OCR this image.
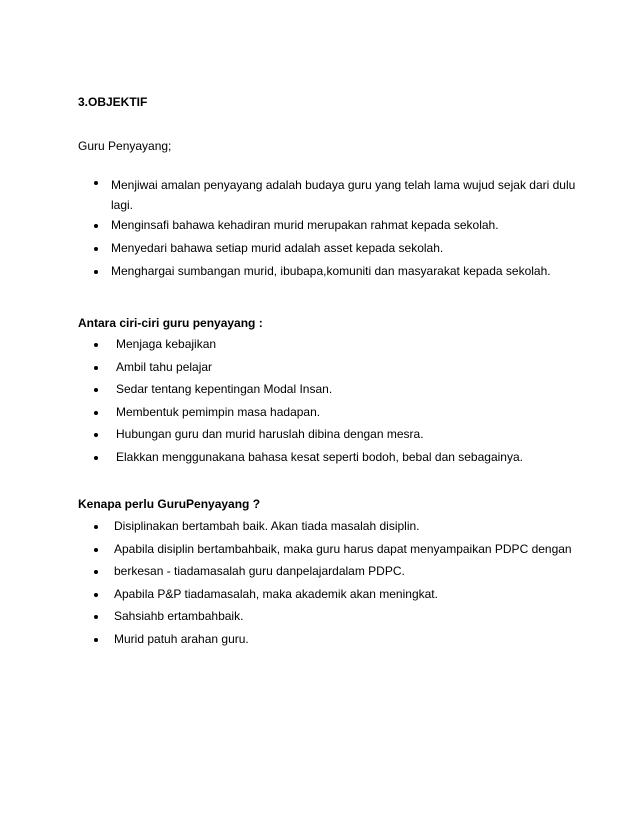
3.OBJEKTIF
Guru Penyayang;
Menjiwai amalan penyayang adalah budaya guru yang telah lama wujud sejak dari dulu lagi.
Menginsafi bahawa kehadiran murid merupakan rahmat kepada sekolah.
Menyedari bahawa setiap murid adalah asset kepada sekolah.
Menghargai sumbangan murid, ibubapa,komuniti dan masyarakat kepada sekolah.
Antara ciri-ciri guru penyayang :
Menjaga kebajikan
Ambil tahu pelajar
Sedar tentang kepentingan Modal Insan.
Membentuk pemimpin masa hadapan.
Hubungan guru dan murid haruslah dibina dengan mesra.
Elakkan menggunakana bahasa kesat seperti bodoh, bebal dan sebagainya.
Kenapa perlu GuruPenyayang ?
Disiplinakan bertambah baik. Akan tiada masalah disiplin.
Apabila disiplin bertambahbaik, maka guru harus dapat menyampaikan PDPC dengan
berkesan - tiadamasalah guru danpelajardalam PDPC.
Apabila P&P tiadamasalah, maka akademik akan meningkat.
Sahsiahb ertambahbaik.
Murid patuh arahan guru.
